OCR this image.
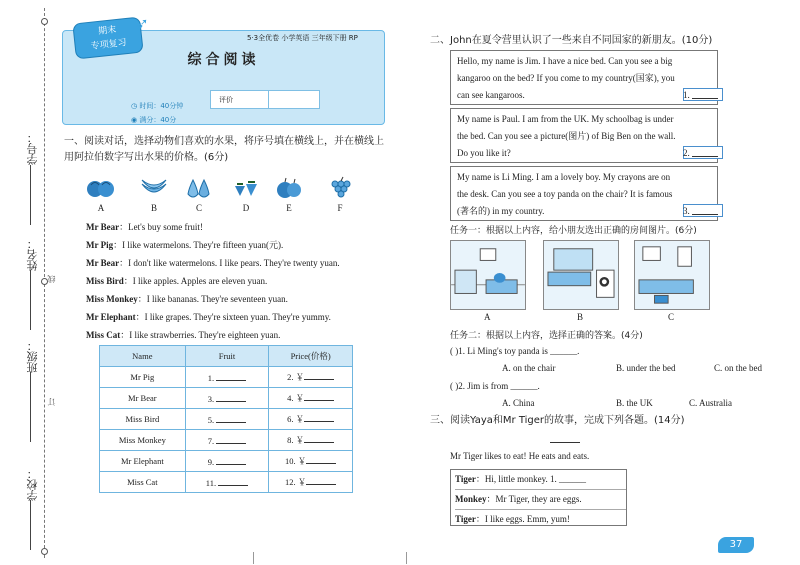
线
订
学号：
姓名：
班级：
学校：
综合阅读
◷ 时间：40分钟
◉ 满分：40分
5·3全优卷 小学英语 三年级下册 RP
期末
专项复习
➶
评价
一、阅读对话，选择动物们喜欢的水果，将序号填在横线上，并在横线上用阿拉伯数字写出水果的价格。(6分)
A	B	C	D	E	F
Mr Bear：Let's buy some fruit!
Mr Pig：I like watermelons. They're fifteen yuan(元).
Mr Bear：I don't like watermelons. I like pears. They're twenty yuan.
Miss Bird：I like apples. Apples are eleven yuan.
Miss Monkey：I like bananas. They're seventeen yuan.
Mr Elephant：I like grapes. They're sixteen yuan. They're yummy.
Miss Cat：I like strawberries. They're eighteen yuan.
Name	Fruit	Price(价格)
Mr Pig	1.	2. ￥
Mr Bear	3.	4. ￥
Miss Bird	5.	6. ￥
Miss Monkey	7.	8. ￥
Mr Elephant	9.	10. ￥
Miss Cat	11.	12. ￥
二、John在夏令营里认识了一些来自不同国家的新朋友。(10分)
Hello, my name is Jim. I have a nice bed. Can you see a big
kangaroo on the bed? If you come to my country(国家), you
can see kangaroos.	1.
My name is Paul. I am from the UK. My schoolbag is under
the bed. Can you see a picture(图片) of Big Ben on the wall.
Do you like it?	2.
My name is Li Ming. I am a lovely boy. My crayons are on
the desk. Can you see a toy panda on the chair? It is famous
(著名的) in my country.	3.
任务一：根据以上内容，给小朋友选出正确的房间图片。(6分)
A	B	C
任务二：根据以上内容，选择正确的答案。(4分)
( )1. Li Ming's toy panda is ______.
A. on the chair	B. under the bed	C. on the bed
( )2. Jim is from ______.
A. China	B. the UK	C. Australia
三、阅读Yaya和Mr Tiger的故事，完成下列各题。(14分)
Mr Tiger likes to eat! He eats and eats.
Tiger：Hi, little monkey. 1. ______
Monkey：Mr Tiger, they are eggs.
Tiger：I like eggs. Emm, yum!
37
